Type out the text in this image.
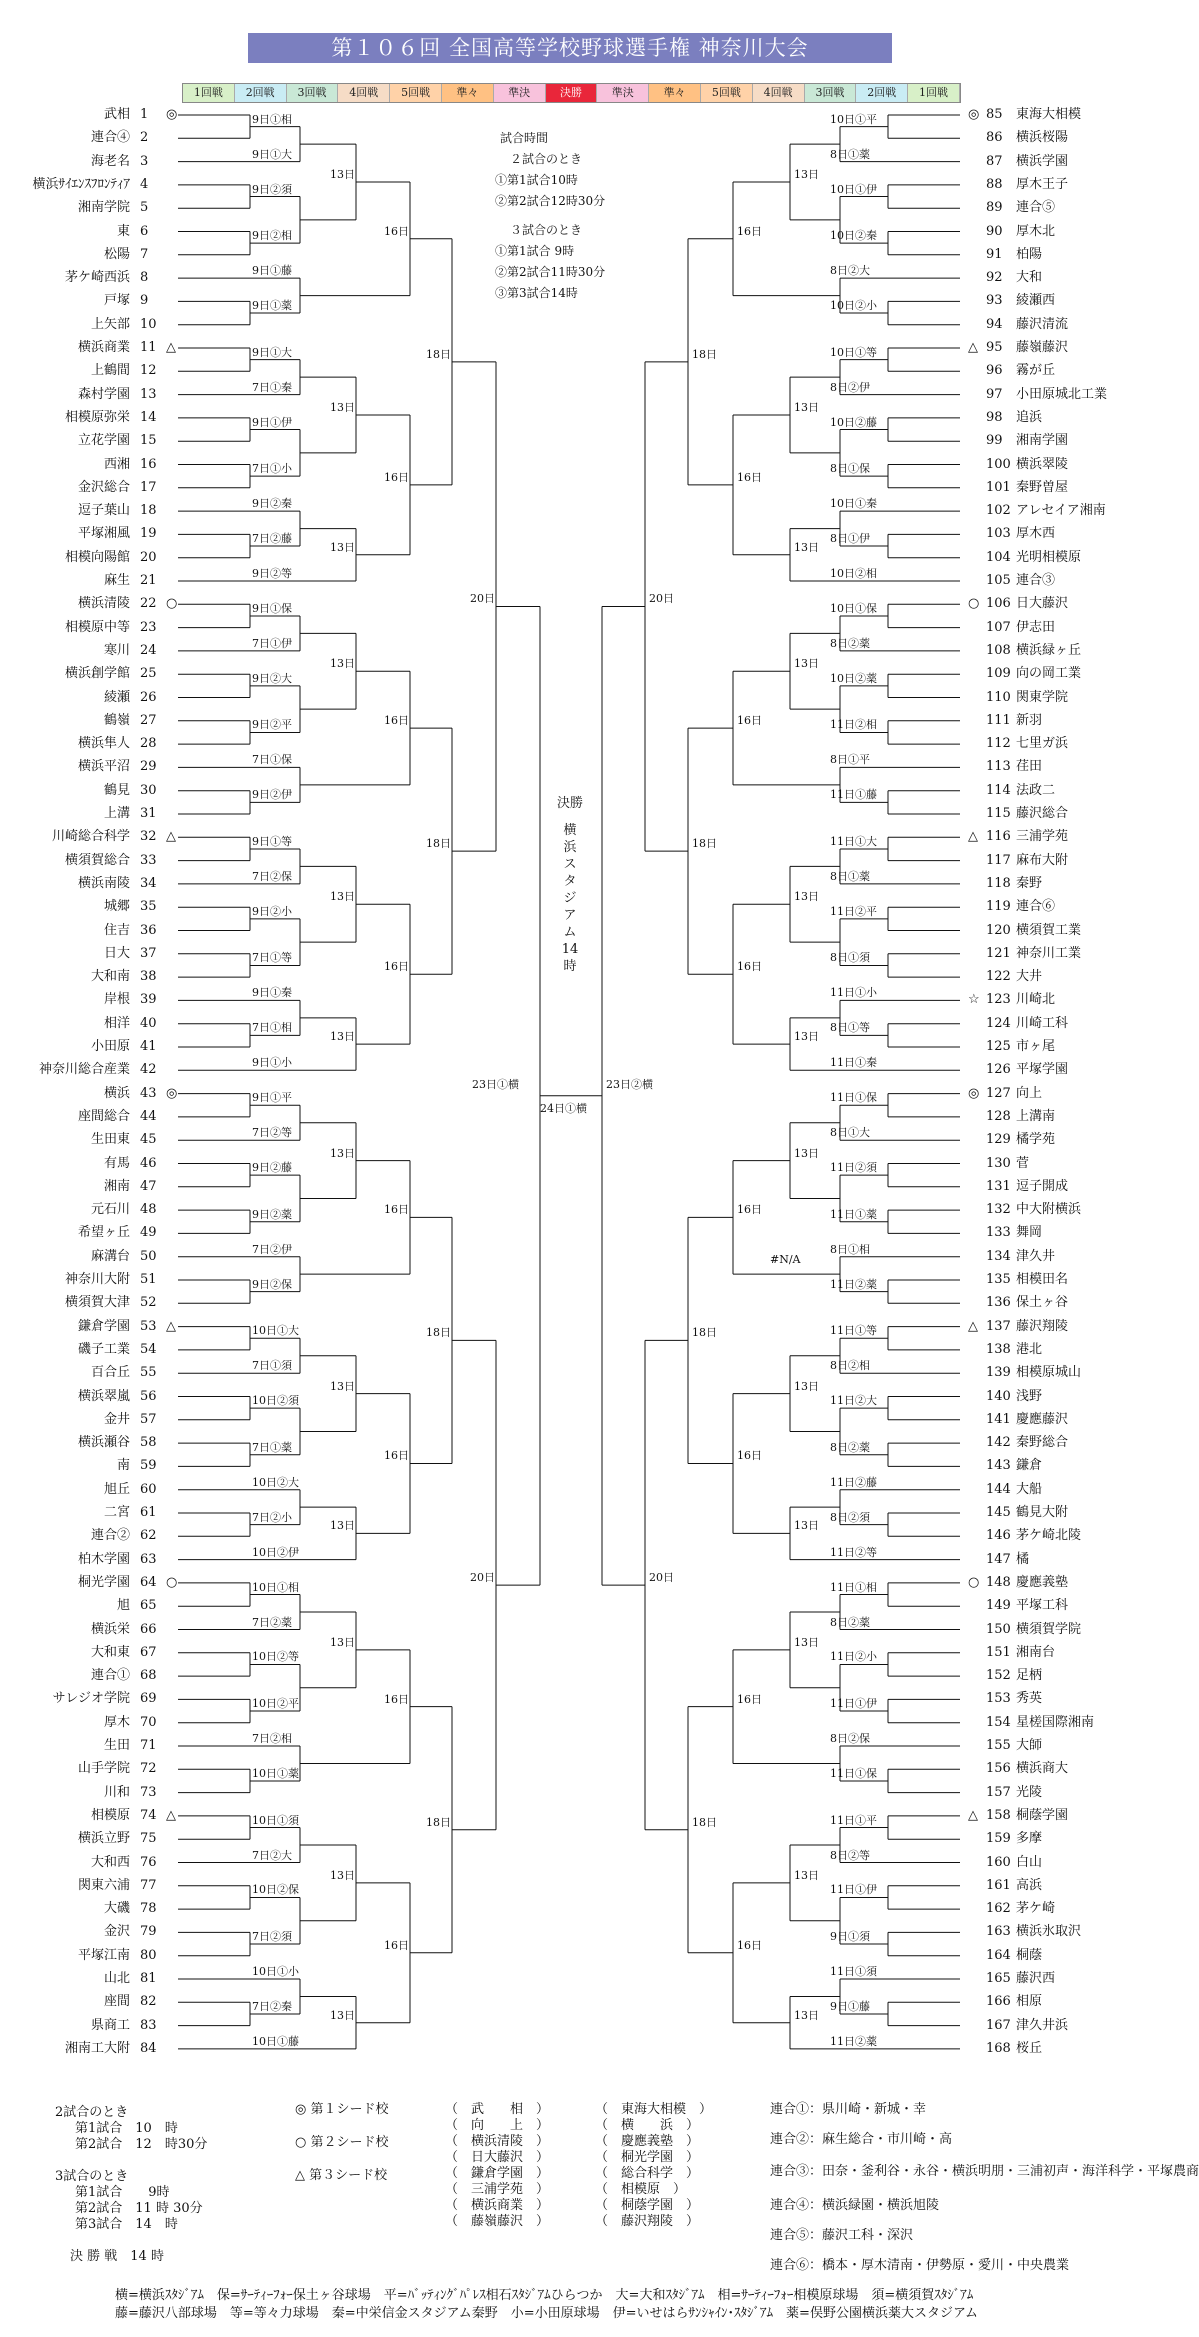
第１０６回 全国高等学校野球選手権 神奈川大会
1回戦	2回戦	3回戦	4回戦	5回戦	準々	準決	決勝	準決	準々	5回戦	4回戦	3回戦	2回戦	1回戦
武相 1	◎
連合④ 2
海老名 3
横浜ｻｲｴﾝｽﾌﾛﾝﾃｨｱ 4
湘南学院 5
東 6
松陽 7
茅ケ崎西浜 8
戸塚 9
上矢部 10
9日①相
9日①大
9日②須
9日②相
9日①藤
9日①薬
13日
16日
横浜商業 11 △
上鶴間 12
森村学園 13
相模原弥栄 14
立花学園 15
西湘 16
金沢総合 17
逗子葉山 18
平塚湘風 19
相模向陽館 20
麻生 21
9日①大
7日①秦
9日①伊
7日①小
9日②秦
7日②藤
9日②等
13日
13日
16日
横浜清陵 22 ○
相模原中等 23
寒川 24
横浜創学館 25
綾瀬 26
鶴嶺 27
横浜隼人 28
横浜平沼 29
鶴見 30
上溝 31
9日①保
7日①伊
9日②大
9日②平
7日①保
9日②伊
13日
16日
川崎総合科学 32 △
横須賀総合 33
横浜南陵 34
城郷 35
住吉 36
日大 37
大和南 38
岸根 39
相洋 40
小田原 41
神奈川総合産業 42
9日①等
7日②保
9日②小
7日①等
9日①秦
7日①相
9日①小
13日
13日
16日
横浜 43 ◎
座間総合 44
生田東 45
有馬 46
湘南 47
元石川 48
希望ヶ丘 49
麻溝台 50
神奈川大附 51
横須賀大津 52
9日①平
7日②等
9日②藤
9日②薬
7日②伊
9日②保
13日
16日
鎌倉学園 53 △
磯子工業 54
百合丘 55
横浜翠嵐 56
金井 57
横浜瀬谷 58
南 59
旭丘 60
二宮 61
連合② 62
柏木学園 63
10日①大
7日①須
10日②須
7日①薬
10日②大
7日②小
10日②伊
13日
13日
16日
桐光学園 64 ○
旭 65
横浜栄 66
大和東 67
連合① 68
サレジオ学院 69
厚木 70
生田 71
山手学院 72
川和 73
10日①相
7日②薬
10日②等
10日②平
7日②相
10日①薬
13日
16日
相模原 74 △
横浜立野 75
大和西 76
関東六浦 77
大磯 78
金沢 79
平塚江南 80
山北 81
座間 82
県商工 83
湘南工大附 84
10日①須
7日②大
10日②保
7日②須
10日①小
7日②秦
10日①藤
13日
13日
16日
18日
18日
18日
18日
20日
20日
◎ 85	東海大相模
86	横浜桜陽
87	横浜学園
88	厚木王子
89	連合⑤
90	厚木北
91	柏陽
92	大和
93	綾瀬西
94	藤沢清流
10日①平
8日①薬
10日①伊
10日②秦
8日②大
10日②小
13日
16日
△ 95	藤嶺藤沢
96	霧が丘
97	小田原城北工業
98	追浜
99	湘南学園
100 横浜翠陵
101 秦野曽屋
102 アレセイア湘南
103 厚木西
104 光明相模原
105 連合③
10日①等
8日②伊
10日②藤
8日①保
10日①秦
8日①伊
10日②相
13日
13日
16日
○ 106 日大藤沢
107 伊志田
108 横浜緑ヶ丘
109 向の岡工業
110 関東学院
111 新羽
112 七里ガ浜
113 荏田
114 法政二
115 藤沢総合
10日①保
8日②薬
10日②薬
11日②相
8日①平
11日①藤
13日
16日
△ 116 三浦学苑
117 麻布大附
118 秦野
119 連合⑥
120 横須賀工業
121 神奈川工業
122 大井
☆ 123 川崎北
124 川崎工科
125 市ヶ尾
126 平塚学園
11日①大
8日①薬
11日②平
8日①須
11日①小
8日①等
11日①秦
13日
13日
16日
◎ 127 向上
128 上溝南
129 橘学苑
130 菅
131 逗子開成
132 中大附横浜
133 舞岡
134 津久井
135 相模田名
136 保土ヶ谷
11日①保
8日①大
11日②須
11日①薬
8日①相
11日②薬
13日
16日
△ 137 藤沢翔陵
138 港北
139 相模原城山
140 浅野
141 慶應藤沢
142 秦野総合
143 鎌倉
144 大船
145 鶴見大附
146 茅ケ崎北陵
147 橘
11日①等
8日②相
11日②大
8日②薬
11日②藤
8日②須
11日②等
13日
13日
16日
○ 148 慶應義塾
149 平塚工科
150 横須賀学院
151 湘南台
152 足柄
153 秀英
154 星槎国際湘南
155 大師
156 横浜商大
157 光陵
11日①相
8日②薬
11日②小
11日①伊
8日②保
11日①保
13日
16日
△ 158 桐蔭学園
159 多摩
160 白山
161 高浜
162 茅ケ崎
163 横浜氷取沢
164 桐蔭
165 藤沢西
166 相原
167 津久井浜
168 桜丘
11日①平
8日②等
11日①伊
9日①須
11日①須
9日①藤
11日②薬
13日
13日
16日
18日
18日
18日
18日
20日
20日
23日①横	23日②横
24日①横
#N/A
試合時間
２試合のとき
①第1試合10時
②第2試合12時30分
３試合のとき
①第1試合 9時
②第2試合11時30分
③第3試合14時
決勝
横
浜
ス
タ
ジ
ア
ム
14
時
2試合のとき
第1試合　10　時
第2試合　12　時30分
3試合のとき
第1試合　　9時
第2試合　11 時 30分
第3試合　14　時
決 勝 戦　14 時
◎ 第１シード校
○ 第２シード校
△ 第３シード校
（　武　　相　）	（　東海大相模　）
（　向　　上　）	（　横　　浜　）
（　横浜清陵　）	（　慶應義塾　）
（　日大藤沢　）	（　桐光学園　）
（　鎌倉学園　）	（　総合科学　）
（　三浦学苑　）	（　相模原　）
（　横浜商業　）	（　桐蔭学園　）
（　藤嶺藤沢　）	（　藤沢翔陵　）
連合①：県川崎・新城・幸
連合②：麻生総合・市川崎・高
連合③：田奈・釜利谷・永谷・横浜明朋・三浦初声・海洋科学・平塚農商
連合④：横浜緑園・横浜旭陵
連合⑤：藤沢工科・深沢
連合⑥：橋本・厚木清南・伊勢原・愛川・中央農業
横=横浜ｽﾀｼﾞｱﾑ　保=ｻｰﾃｨｰﾌｫｰ保土ヶ谷球場　平=ﾊﾞｯﾃｨﾝｸﾞﾊﾟﾚｽ相石ｽﾀｼﾞｱﾑひらつか　大=大和ｽﾀｼﾞｱﾑ　相=ｻｰﾃｨｰﾌｫｰ相模原球場　須=横須賀ｽﾀｼﾞｱﾑ
藤=藤沢八部球場　等=等々力球場　秦=中栄信金スタジアム秦野　小=小田原球場　伊=いせはらｻﾝｼｬｲﾝ･ｽﾀｼﾞｱﾑ　薬=俣野公園横浜薬大スタジアム
